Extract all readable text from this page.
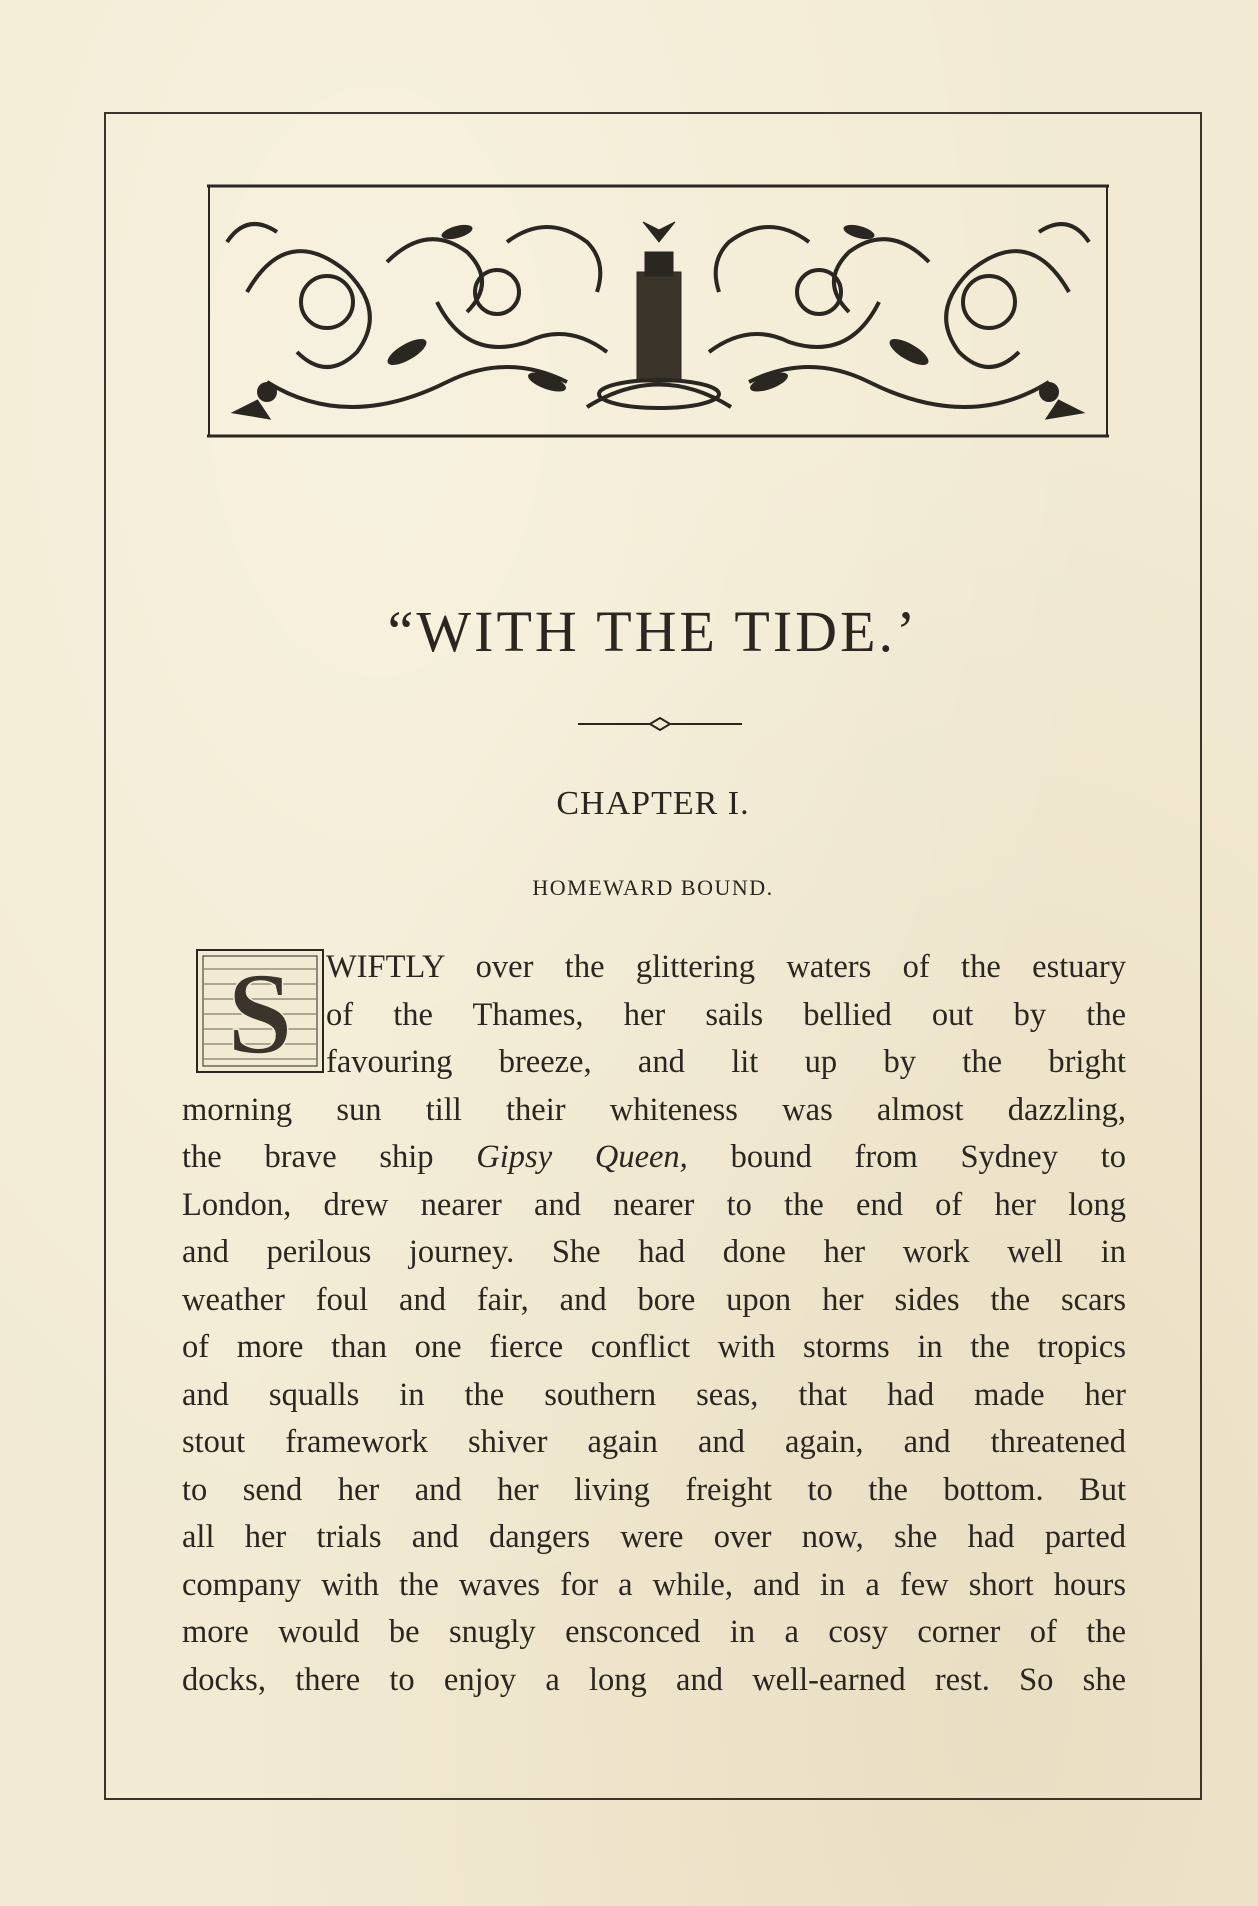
“WITH THE TIDE.’
CHAPTER I.
HOMEWARD BOUND.
S WIFTLY over the glittering waters of the estuary
of the Thames, her sails bellied out by the
favouring breeze, and lit up by the bright
morning sun till their whiteness was almost dazzling,
the brave ship Gipsy Queen, bound from Sydney to
London, drew nearer and nearer to the end of her long
and perilous journey. She had done her work well in
weather foul and fair, and bore upon her sides the scars
of more than one fierce conflict with storms in the tropics
and squalls in the southern seas, that had made her
stout framework shiver again and again, and threatened
to send her and her living freight to the bottom. But
all her trials and dangers were over now, she had parted
company with the waves for a while, and in a few short hours
more would be snugly ensconced in a cosy corner of the
docks, there to enjoy a long and well-earned rest. So she
